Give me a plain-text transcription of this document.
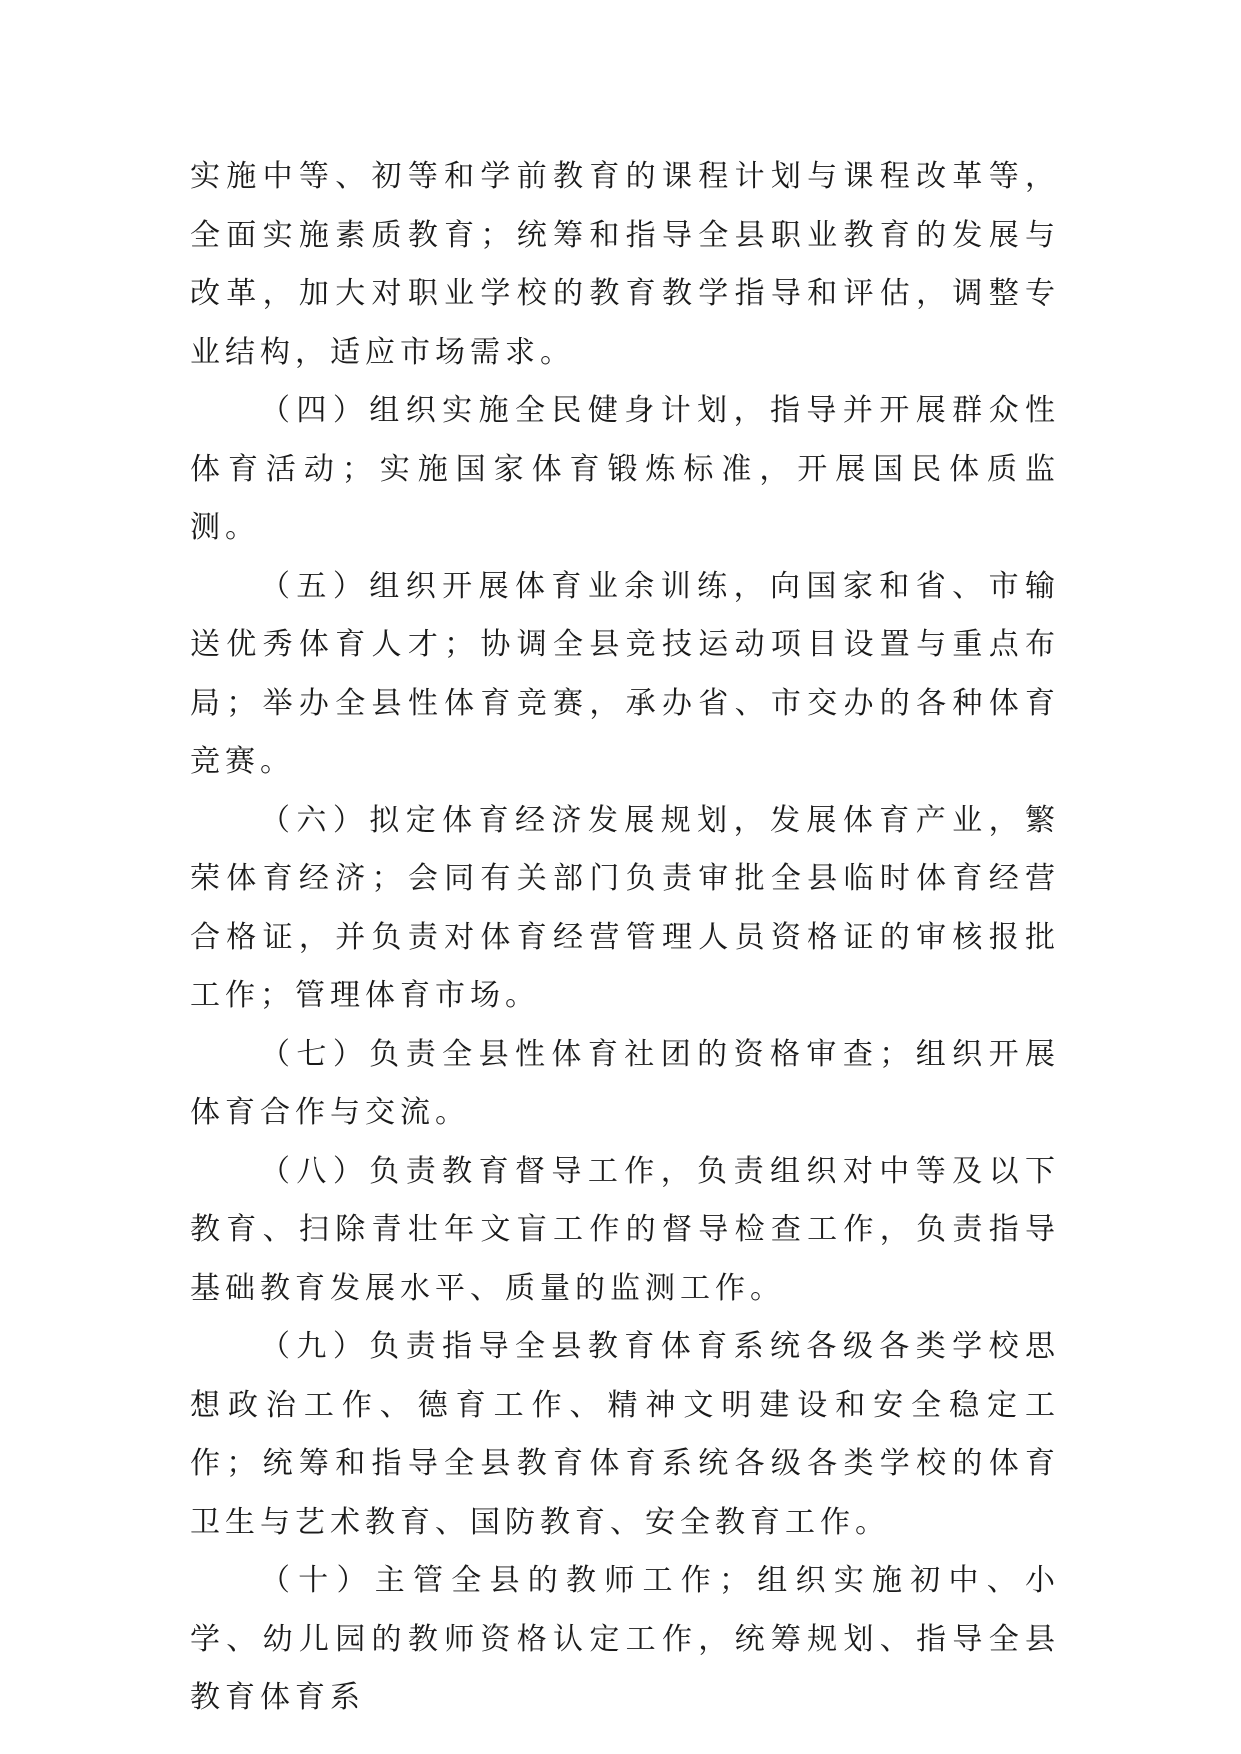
实施中等、初等和学前教育的课程计划与课程改革等，全面实施素质教育；统筹和指导全县职业教育的发展与改革，加大对职业学校的教育教学指导和评估，调整专业结构，适应市场需求。

（四）组织实施全民健身计划，指导并开展群众性体育活动；实施国家体育锻炼标准，开展国民体质监测。

（五）组织开展体育业余训练，向国家和省、市输送优秀体育人才；协调全县竞技运动项目设置与重点布局；举办全县性体育竞赛，承办省、市交办的各种体育竞赛。

（六）拟定体育经济发展规划，发展体育产业，繁荣体育经济；会同有关部门负责审批全县临时体育经营合格证，并负责对体育经营管理人员资格证的审核报批工作；管理体育市场。

（七）负责全县性体育社团的资格审查；组织开展体育合作与交流。

（八）负责教育督导工作，负责组织对中等及以下教育、扫除青壮年文盲工作的督导检查工作，负责指导基础教育发展水平、质量的监测工作。

（九）负责指导全县教育体育系统各级各类学校思想政治工作、德育工作、精神文明建设和安全稳定工作；统筹和指导全县教育体育系统各级各类学校的体育卫生与艺术教育、国防教育、安全教育工作。

（十）主管全县的教师工作；组织实施初中、小学、幼儿园的教师资格认定工作，统筹规划、指导全县教育体育系
